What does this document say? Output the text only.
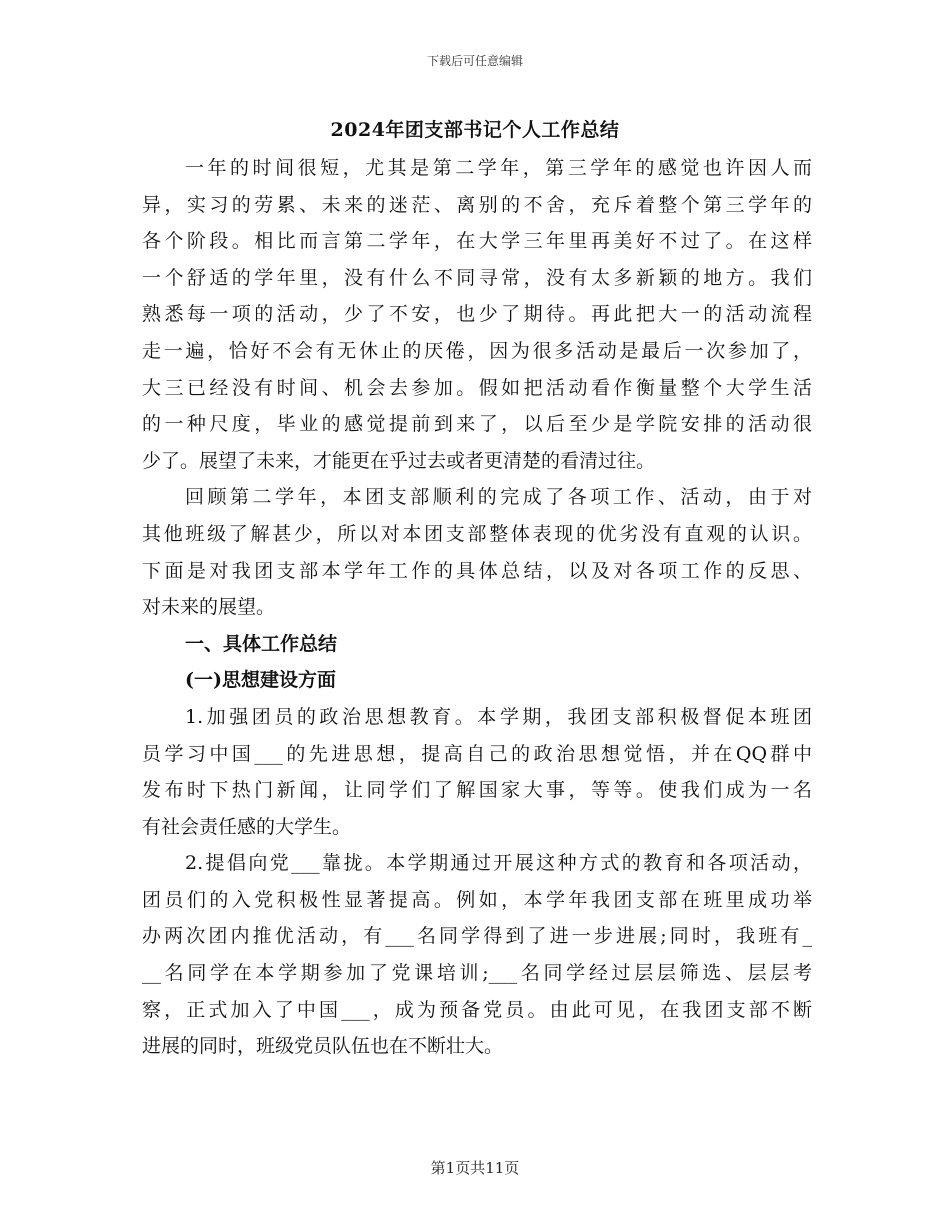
下载后可任意编辑
2024年团支部书记个人工作总结
一年的时间很短，尤其是第二学年，第三学年的感觉也许因人而
异，实习的劳累、未来的迷茫、离别的不舍，充斥着整个第三学年的
各个阶段。相比而言第二学年，在大学三年里再美好不过了。在这样
一个舒适的学年里，没有什么不同寻常，没有太多新颖的地方。我们
熟悉每一项的活动，少了不安，也少了期待。再此把大一的活动流程
走一遍，恰好不会有无休止的厌倦，因为很多活动是最后一次参加了，
大三已经没有时间、机会去参加。假如把活动看作衡量整个大学生活
的一种尺度，毕业的感觉提前到来了，以后至少是学院安排的活动很
少了。展望了未来，才能更在乎过去或者更清楚的看清过往。
回顾第二学年，本团支部顺利的完成了各项工作、活动，由于对
其他班级了解甚少，所以对本团支部整体表现的优劣没有直观的认识。
下面是对我团支部本学年工作的具体总结，以及对各项工作的反思、
对未来的展望。
一、具体工作总结
(一)思想建设方面
1.加强团员的政治思想教育。本学期，我团支部积极督促本班团
员学习中国___的先进思想，提高自己的政治思想觉悟，并在QQ群中
发布时下热门新闻，让同学们了解国家大事，等等。使我们成为一名
有社会责任感的大学生。
2.提倡向党___靠拢。本学期通过开展这种方式的教育和各项活动，
团员们的入党积极性显著提高。例如，本学年我团支部在班里成功举
办两次团内推优活动，有___名同学得到了进一步进展;同时，我班有_
__名同学在本学期参加了党课培训;___名同学经过层层筛选、层层考
察，正式加入了中国___，成为预备党员。由此可见，在我团支部不断
进展的同时，班级党员队伍也在不断壮大。
第1页共11页
